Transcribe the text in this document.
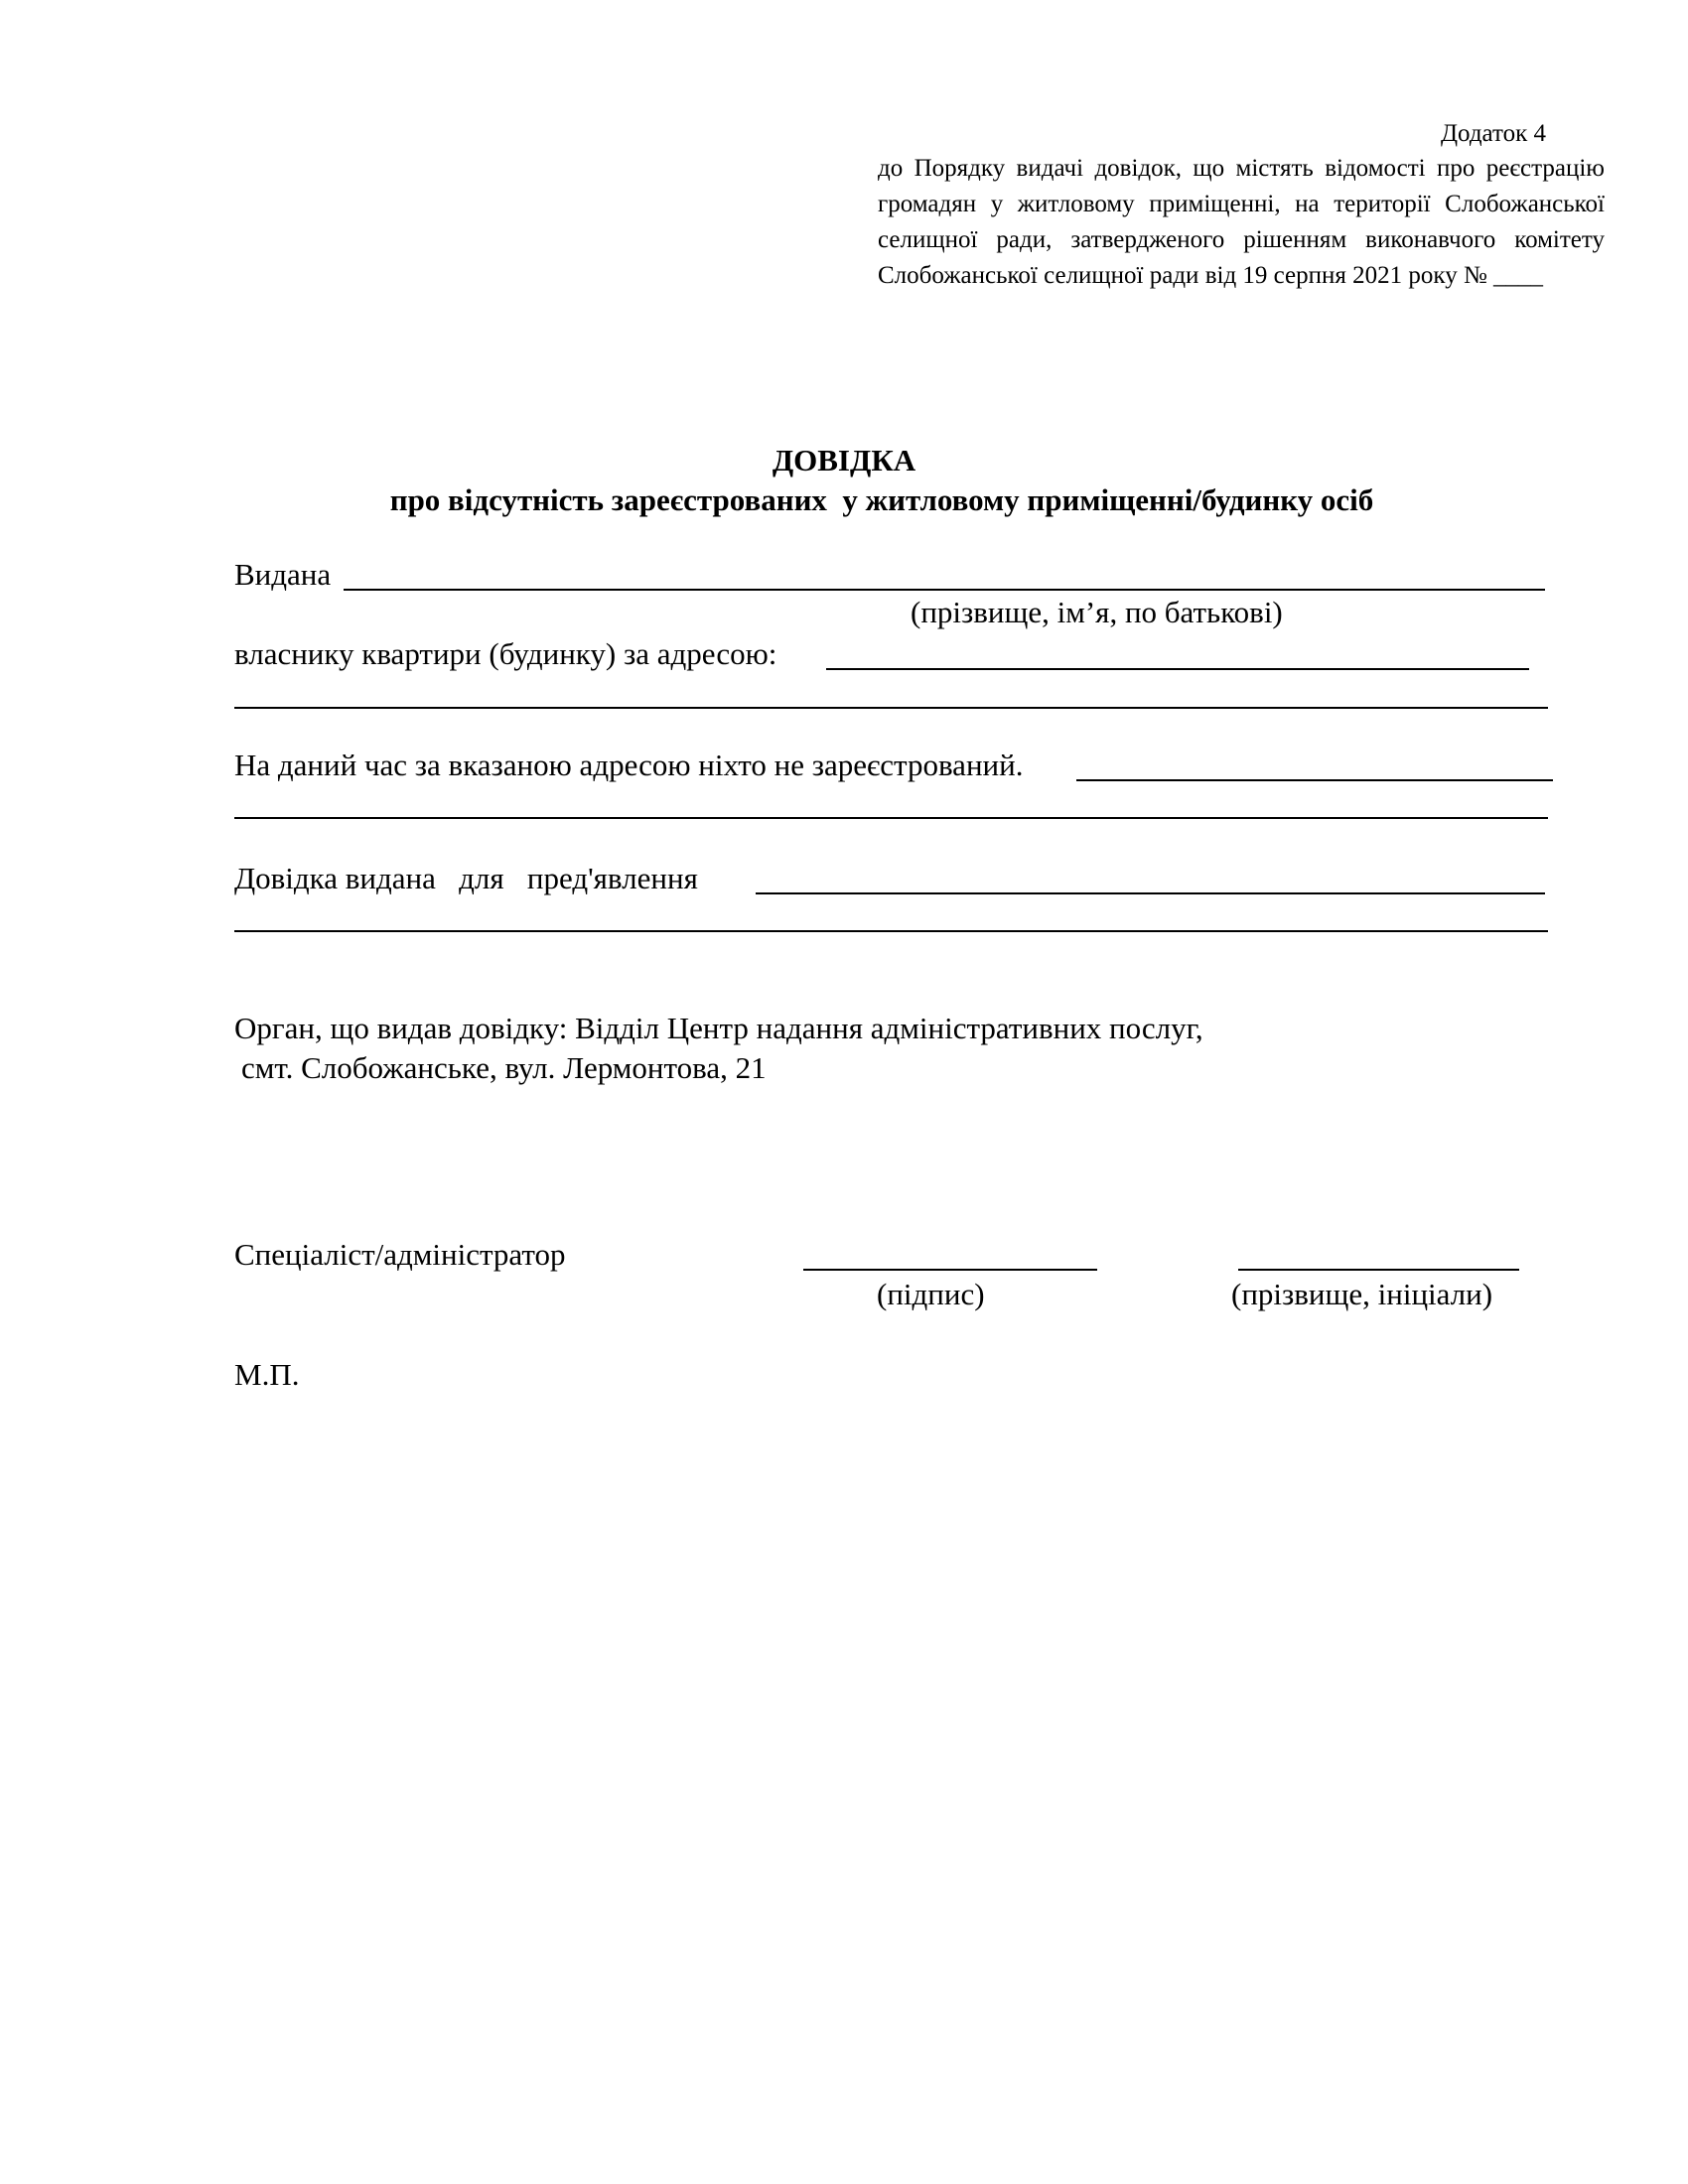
Додаток 4
до Порядку видачі довідок, що містять відомості про реєстрацію громадян у житловому приміщенні, на території Слобожанської селищної ради, затвердженого рішенням виконавчого комітету Слобожанської селищної ради від 19 серпня 2021 року № ____
ДОВІДКА
про відсутність зареєстрованих  у житловому приміщенні/будинку осіб
Видана
(прізвище, ім’я, по батькові)
власнику квартири (будинку) за адресою:
На даний час за вказаною адресою ніхто не зареєстрований.
Довідка видана   для   пред'явлення
Орган, що видав довідку: Відділ Центр надання адміністративних послуг,
смт. Слобожанське, вул. Лермонтова, 21
Спеціаліст/адміністратор
(підпис)	(прізвище, ініціали)
М.П.
